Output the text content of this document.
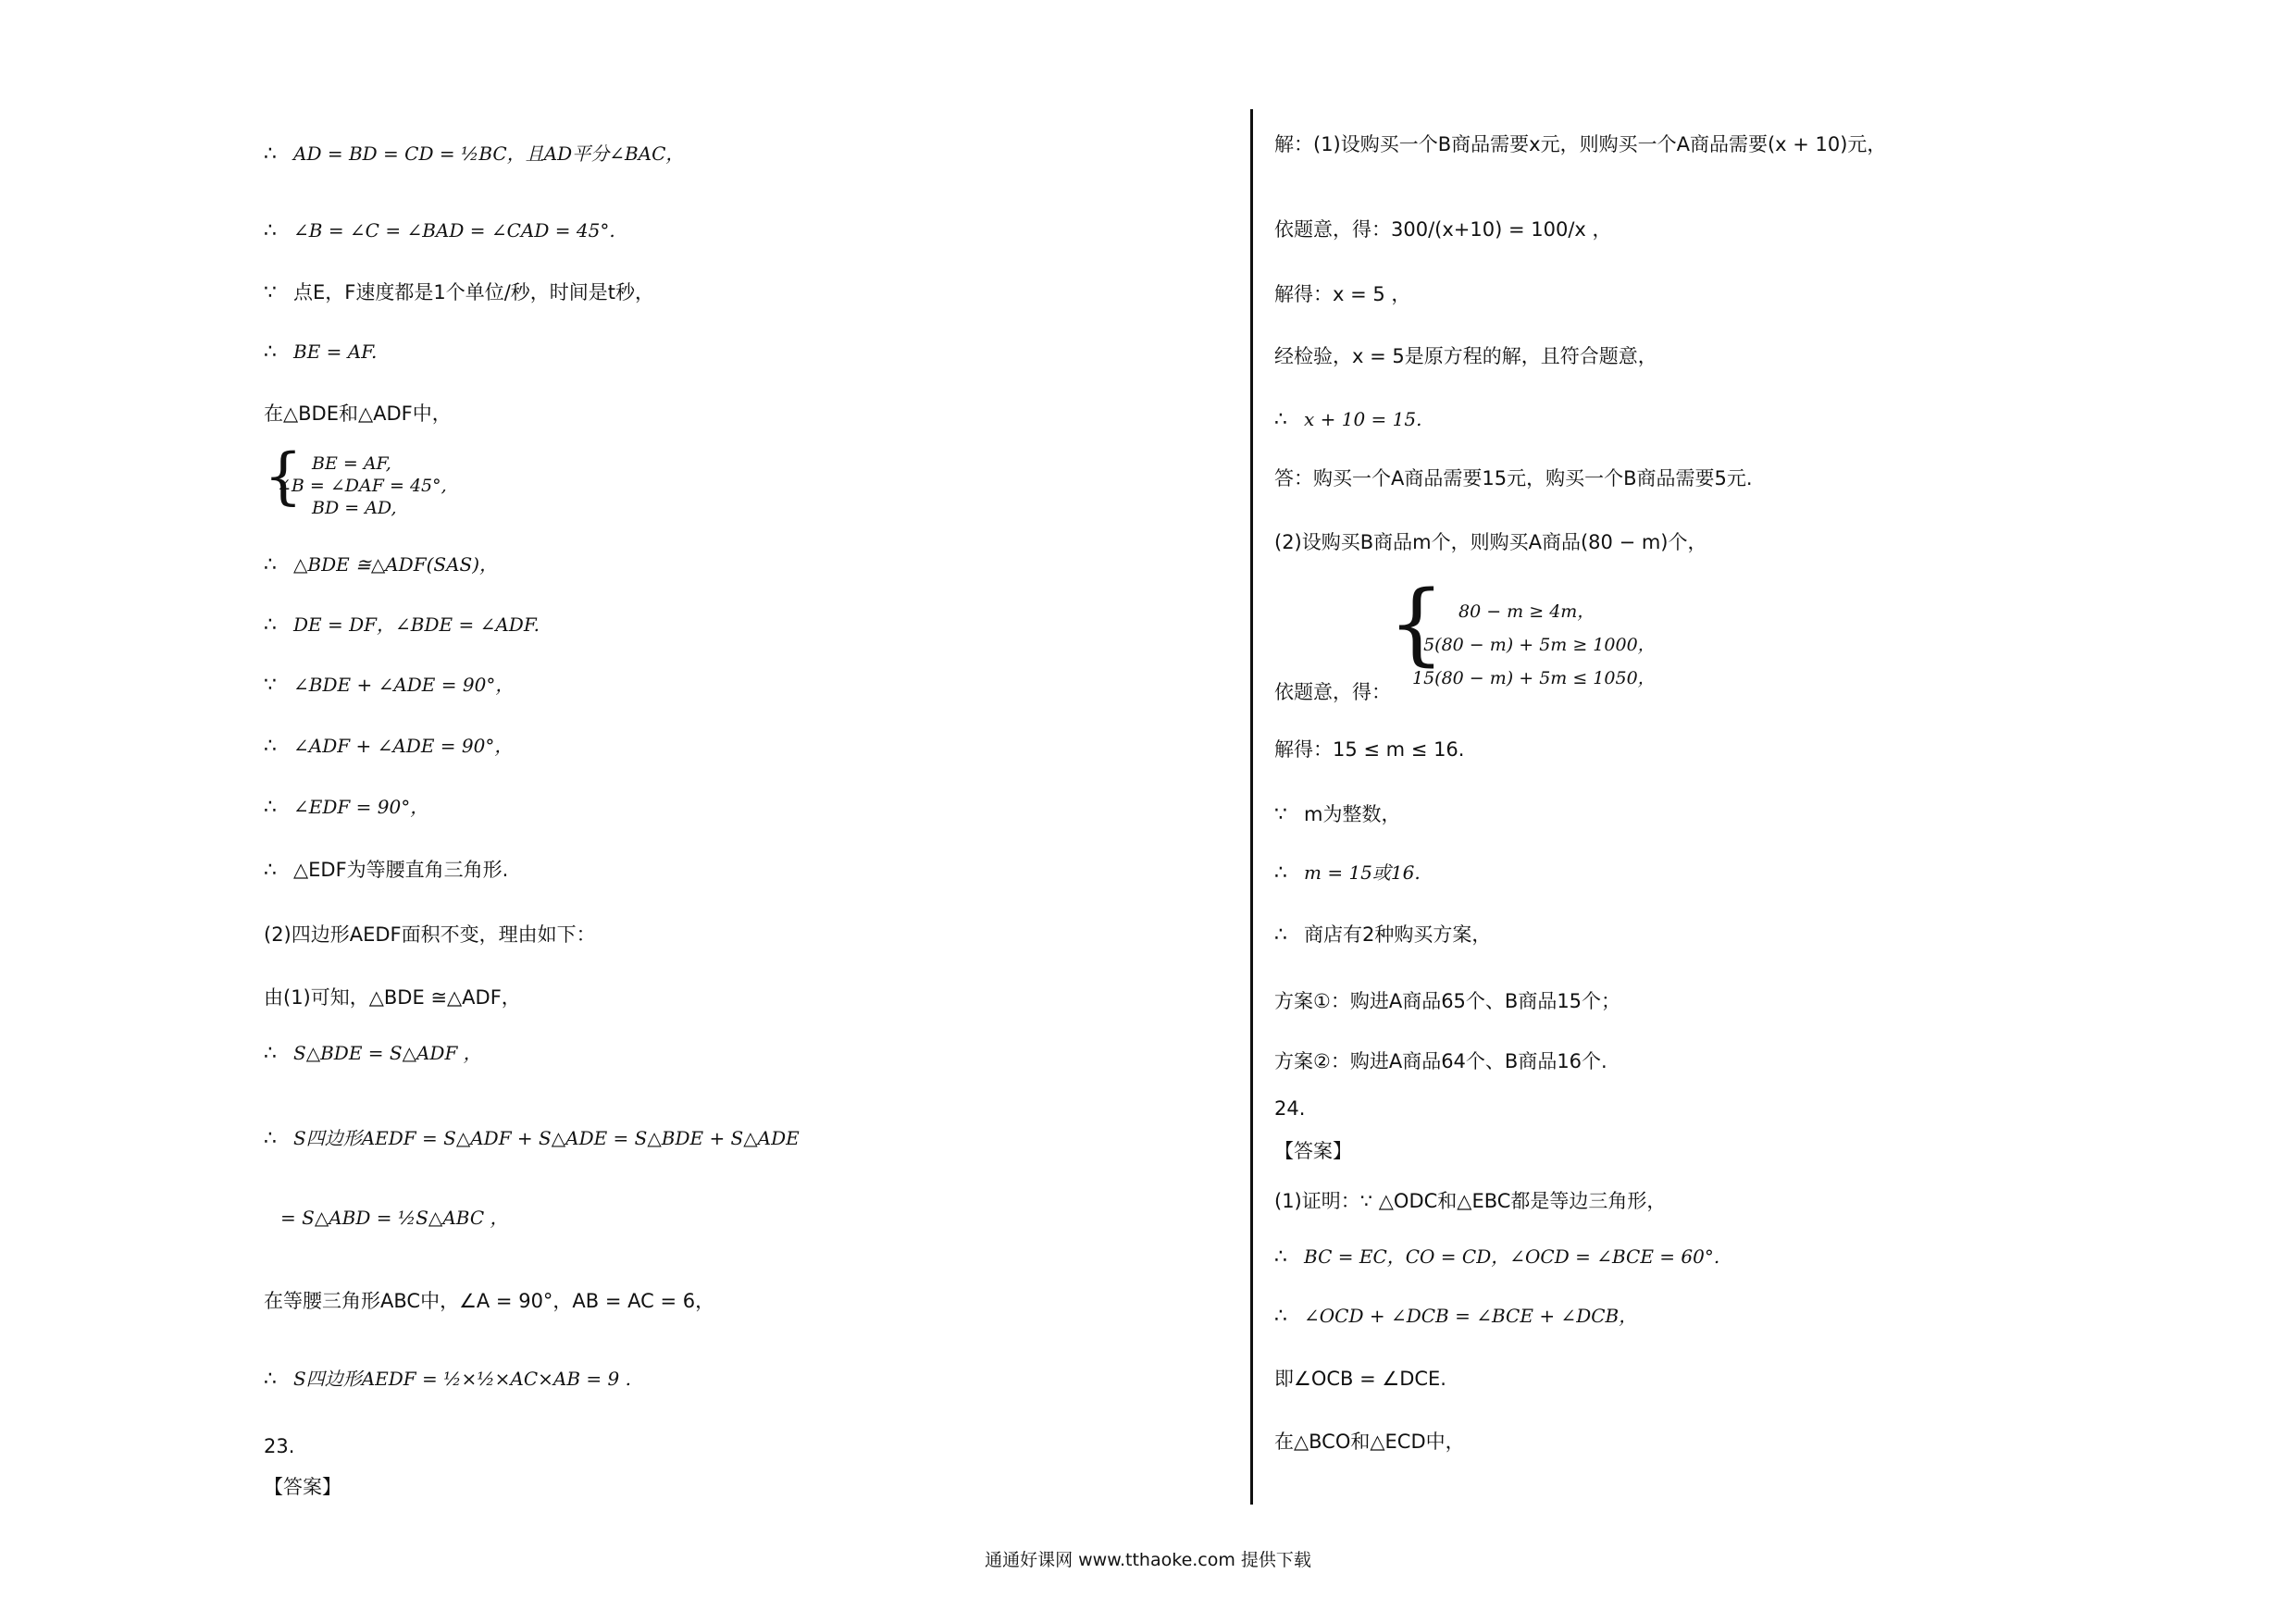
∴ AD = BD = CD = ½BC，且AD平分∠BAC，
∴ ∠B = ∠C = ∠BAD = ∠CAD = 45°.
∵ 点E，F速度都是1个单位/秒，时间是t秒，
∴ BE = AF.
在△BDE和△ADF中，
{ BE = AF,
∠B = ∠DAF = 45°,
BD = AD,
∴ △BDE ≅△ADF(SAS)，
∴ DE = DF，∠BDE = ∠ADF.
∵ ∠BDE + ∠ADE = 90°，
∴ ∠ADF + ∠ADE = 90°，
∴ ∠EDF = 90°，
∴ △EDF为等腰直角三角形.
(2)四边形AEDF面积不变，理由如下：
由(1)可知，△BDE ≅△ADF，
∴ S△BDE = S△ADF ，
∴ S四边形AEDF = S△ADF + S△ADE = S△BDE + S△ADE
= S△ABD = ½S△ABC ，
在等腰三角形ABC中，∠A = 90°，AB = AC = 6，
∴ S四边形AEDF = ½×½×AC×AB = 9 .
23.
【答案】
解：(1)设购买一个B商品需要x元，则购买一个A商品需要(x + 10)元，
依题意，得：300/(x+10) = 100/x ，
解得：x = 5 ，
经检验，x = 5是原方程的解，且符合题意，
∴ x + 10 = 15.
答：购买一个A商品需要15元，购买一个B商品需要5元.
(2)设购买B商品m个，则购买A商品(80 − m)个，
{ 80 − m ≥ 4m，
15(80 − m) + 5m ≥ 1000，
15(80 − m) + 5m ≤ 1050，
依题意，得：
解得：15 ≤ m ≤ 16.
∵ m为整数，
∴ m = 15或16.
∴ 商店有2种购买方案，
方案①：购进A商品65个、B商品15个；
方案②：购进A商品64个、B商品16个.
24.
【答案】
(1)证明：∵ △ODC和△EBC都是等边三角形，
∴ BC = EC，CO = CD，∠OCD = ∠BCE = 60°.
∴ ∠OCD + ∠DCB = ∠BCE + ∠DCB，
即∠OCB = ∠DCE.
在△BCO和△ECD中，
通通好课网 www.tthaoke.com 提供下载
